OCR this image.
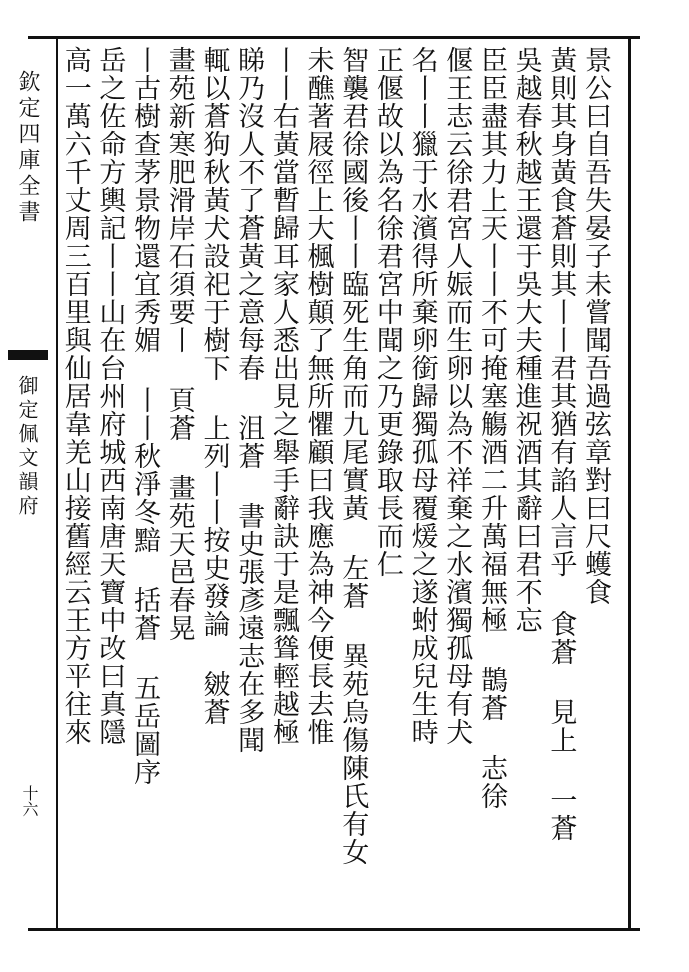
欽定四庫全書
御定佩文韻府
十六
景公曰自吾失晏子未嘗聞吾過弦章對曰尺蠖食
黃則其身黃食蒼則其丨丨君其猶有諂人言乎 食蒼 見上 一蒼
吳越春秋越王還于吳大夫種進祝酒其辭曰君不忘
臣臣盡其力上天丨丨不可掩塞觴酒二升萬福無極 鵲蒼 志徐
偃王志云徐君宮人娠而生卵以為不祥棄之水濱獨孤母有犬
名丨丨獵于水濱得所棄卵銜歸獨孤母覆煖之遂蚹成兒生時
正偃故以為名徐君宮中聞之乃更錄取長而仁
智襲君徐國後丨丨臨死生角而九尾實黃 左蒼 異苑烏傷陳氏有女
未醮著屐徑上大楓樹顛了無所懼顧曰我應為神今便長去惟
丨丨右黃當暫歸耳家人悉出見之舉手辭訣于是飄聳輕越極
睇乃沒人不了蒼黃之意每春 沮蒼 書史張彥遠志在多聞
輒以蒼狗秋黃犬設祀于樹下 上列丨丨按史發論 皴蒼
畫苑新寒肥滑岸石須要丨 頁蒼 畫苑天邑春晃
丨古樹查茅景物還宜秀媚 丨丨秋淨冬黯 括蒼 五岳圖序
岳之佐命方輿記丨丨山在台州府城西南唐天寶中改曰真隱
高一萬六千丈周三百里與仙居韋羌山接舊經云王方平往來
